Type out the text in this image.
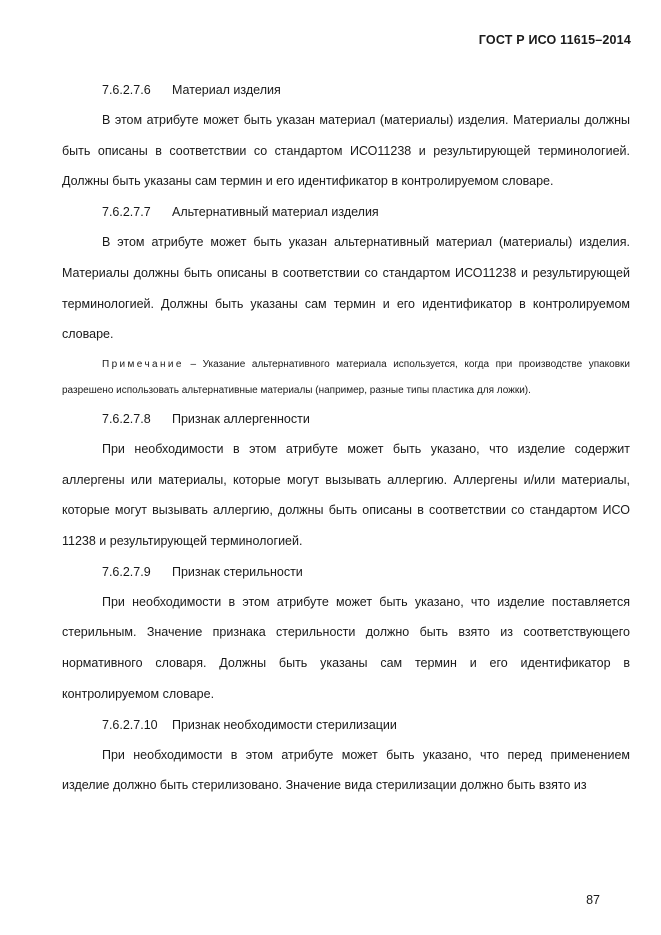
ГОСТ Р ИСО 11615–2014
7.6.2.7.6 Материал изделия

В этом атрибуте может быть указан материал (материалы) изделия. Материалы должны быть описаны в соответствии со стандартом ИСО11238 и результирующей терминологией. Должны быть указаны сам термин и его идентификатор в контролируемом словаре.

7.6.2.7.7 Альтернативный материал изделия

В этом атрибуте может быть указан альтернативный материал (материалы) изделия. Материалы должны быть описаны в соответствии со стандартом ИСО11238 и результирующей терминологией. Должны быть указаны сам термин и его идентификатор в контролируемом словаре.

Примечание – Указание альтернативного материала используется, когда при производстве упаковки разрешено использовать альтернативные материалы (например, разные типы пластика для ложки).

7.6.2.7.8 Признак аллергенности

При необходимости в этом атрибуте может быть указано, что изделие содержит аллергены или материалы, которые могут вызывать аллергию. Аллергены и/или материалы, которые могут вызывать аллергию, должны быть описаны в соответствии со стандартом ИСО 11238 и результирующей терминологией.

7.6.2.7.9 Признак стерильности

При необходимости в этом атрибуте может быть указано, что изделие поставляется стерильным. Значение признака стерильности должно быть взято из соответствующего нормативного словаря. Должны быть указаны сам термин и его идентификатор в контролируемом словаре.

7.6.2.7.10 Признак необходимости стерилизации

При необходимости в этом атрибуте может быть указано, что перед применением изделие должно быть стерилизовано. Значение вида стерилизации должно быть взято из

87
